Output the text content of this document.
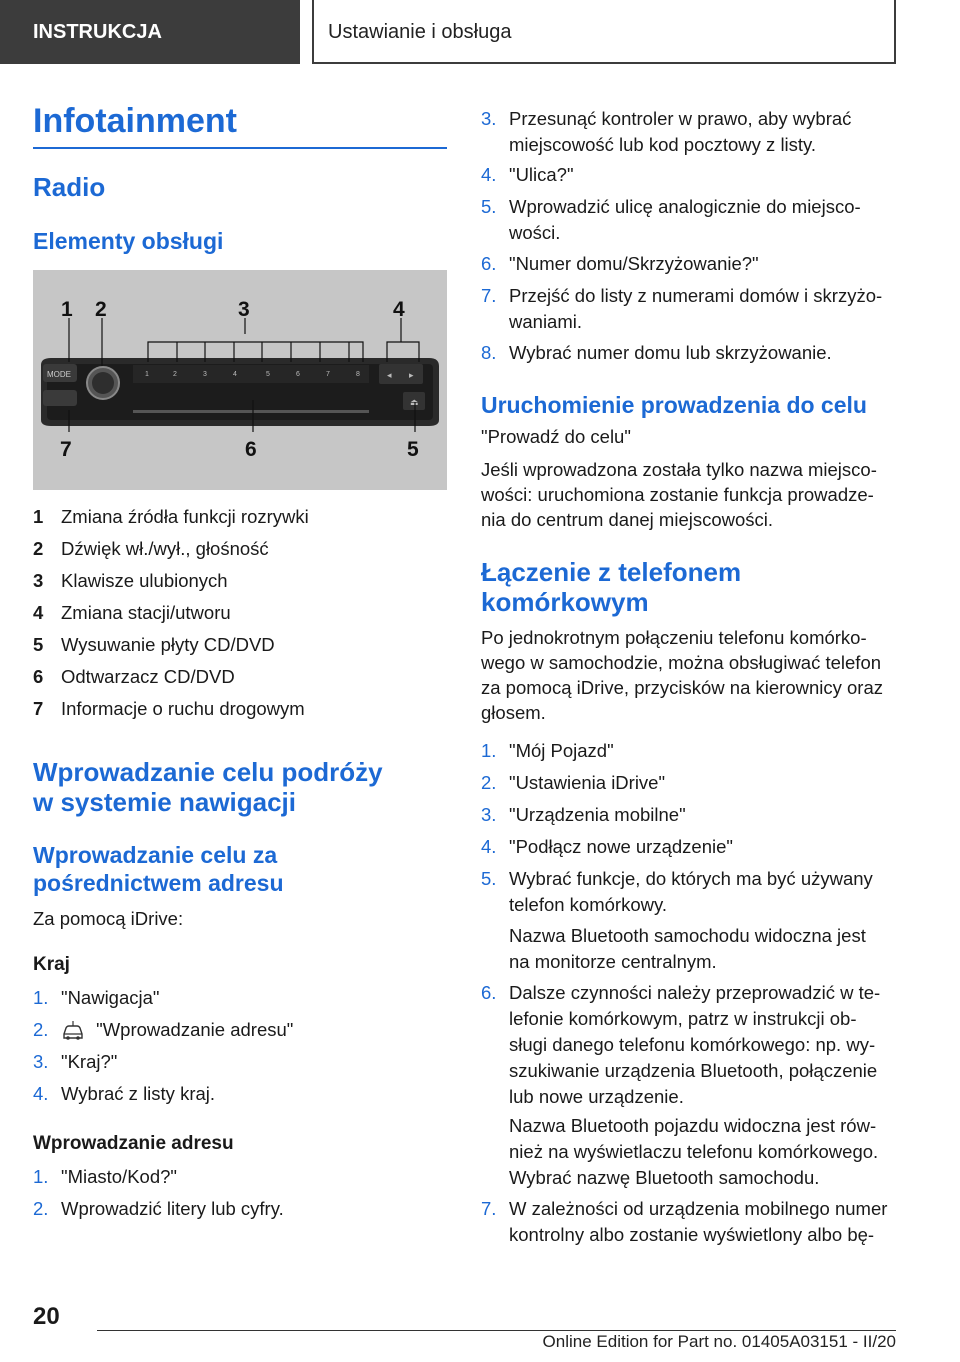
INSTRUKCJA	Ustawianie i obsługa
Infotainment
Radio
Elementy obsługi
MODE	1	2	3	4	5	6	7	8	◂ ▸
⏏
1 2	3	4
5
6
7
1 Zmiana źródła funkcji rozrywki
2 Dźwięk wł./wył., głośność
3 Klawisze ulubionych
4 Zmiana stacji/utworu
5 Wysuwanie płyty CD/DVD
6 Odtwarzacz CD/DVD
7 Informacje o ruchu drogowym
Wprowadzanie celu podróży
w systemie nawigacji
Wprowadzanie celu za
pośrednictwem adresu

Za pomocą iDrive:

Kraj
1. "Nawigacja"
2.	"Wprowadzanie adresu"
3. "Kraj?"
4. Wybrać z listy kraj.
Wprowadzanie adresu
1. "Miasto/Kod?"
2. Wprowadzić litery lub cyfry.
3. Przesunąć kontroler w prawo, aby wybrać
miejscowość lub kod pocztowy z listy.
4. "Ulica?"
5. Wprowadzić ulicę analogicznie do miejsco-
wości.
6. "Numer domu/Skrzyżowanie?"
7. Przejść do listy z numerami domów i skrzyżo-
waniami.
8. Wybrać numer domu lub skrzyżowanie.
Uruchomienie prowadzenia do celu

"Prowadź do celu"

Jeśli wprowadzona została tylko nazwa miejsco-

wości: uruchomiona zostanie funkcja prowadze-

nia do centrum danej miejscowości.

Łączenie z telefonem
komórkowym

Po jednokrotnym połączeniu telefonu komórko-

wego w samochodzie, można obsługiwać telefon

za pomocą iDrive, przycisków na kierownicy oraz

głosem.

1. "Mój Pojazd"
2. "Ustawienia iDrive"
3. "Urządzenia mobilne"
4. "Podłącz nowe urządzenie"
5. Wybrać funkcje, do których ma być używany
telefon komórkowy.
Nazwa Bluetooth samochodu widoczna jest
na monitorze centralnym.
6. Dalsze czynności należy przeprowadzić w te-
lefonie komórkowym, patrz w instrukcji ob-
sługi danego telefonu komórkowego: np. wy-
szukiwanie urządzenia Bluetooth, połączenie
lub nowe urządzenie.
Nazwa Bluetooth pojazdu widoczna jest rów-
nież na wyświetlaczu telefonu komórkowego.
Wybrać nazwę Bluetooth samochodu.
7. W zależności od urządzenia mobilnego numer
kontrolny albo zostanie wyświetlony albo bę-
20
Online Edition for Part no. 01405A03151 - II/20
